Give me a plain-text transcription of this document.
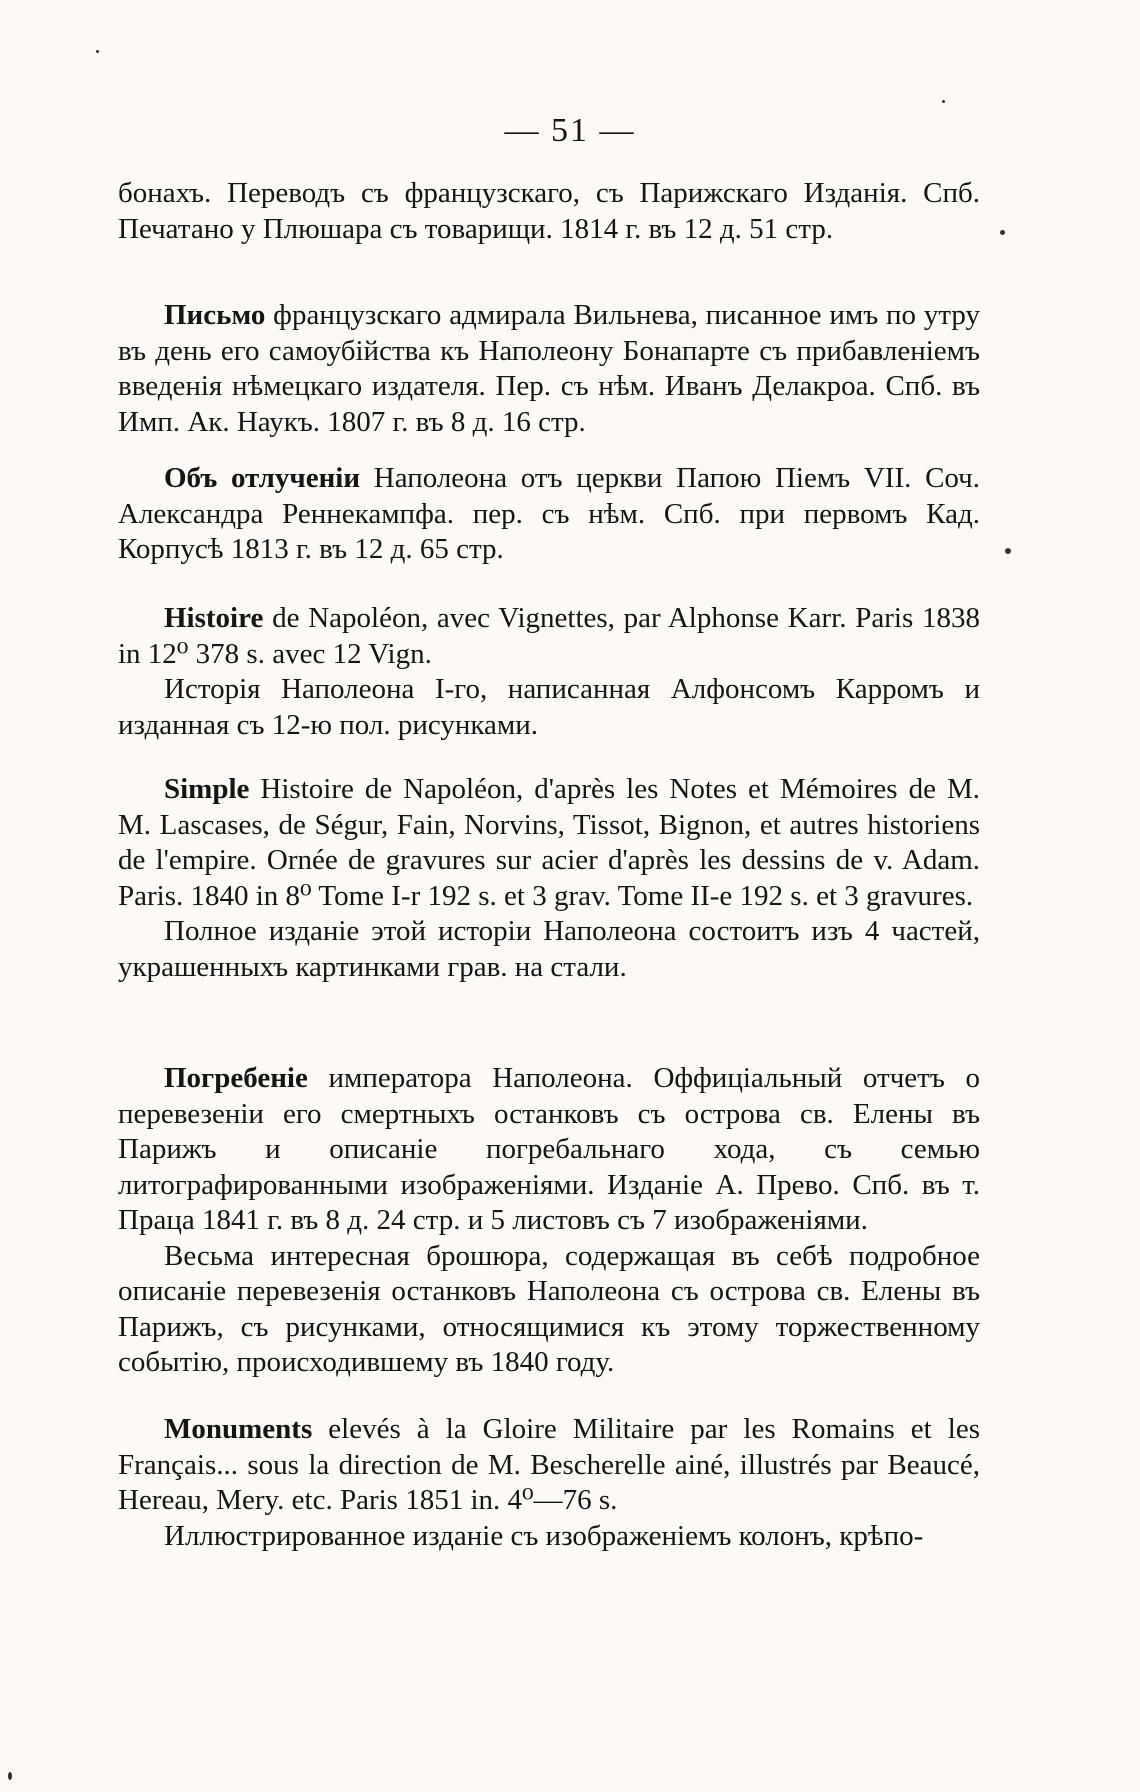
— 51 —

бонахъ. Переводъ съ французскаго, съ Парижскаго Изданія. Спб. Печатано у Плюшара съ товарищи. 1814 г. въ 12 д. 51 стр.

Письмо французскаго адмирала Вильнева, писанное имъ по утру въ день его самоубійства къ Наполеону Бонапарте съ прибавленіемъ введенія нѣмецкаго издателя. Пер. съ нѣм. Иванъ Делакроа. Спб. въ Имп. Ак. Наукъ. 1807 г. въ 8 д. 16 стр.

Объ отлученіи Наполеона отъ церкви Папою Піемъ VII. Соч. Александра Реннекампфа. пер. съ нѣм. Спб. при первомъ Кад. Корпусѣ 1813 г. въ 12 д. 65 стр.

Histoire de Napoléon, avec Vignettes, par Alphonse Karr. Paris 1838 in 12⁰ 378 s. avec 12 Vign.

Исторія Наполеона I-го, написанная Алфонсомъ Карромъ и изданная съ 12-ю пол. рисунками.

Simple Histoire de Napoléon, d'après les Notes et Mémoires de M. M. Lascases, de Ségur, Fain, Norvins, Tissot, Bignon, et autres historiens de l'empire. Ornée de gravures sur acier d'après les dessins de v. Adam. Paris. 1840 in 8⁰ Tome I-r 192 s. et 3 grav. Tome II-e 192 s. et 3 gravures.

Полное изданіе этой исторіи Наполеона состоитъ изъ 4 частей, украшенныхъ картинками грав. на стали.

Погребеніе императора Наполеона. Оффиціальный отчетъ о перевезеніи его смертныхъ останковъ съ острова св. Елены въ Парижъ и описаніе погребальнаго хода, съ семью литографированными изображеніями. Изданіе А. Прево. Спб. въ т. Праца 1841 г. въ 8 д. 24 стр. и 5 листовъ съ 7 изображеніями.

Весьма интересная брошюра, содержащая въ себѣ подробное описаніе перевезенія останковъ Наполеона съ острова св. Елены въ Парижъ, съ рисунками, относящимися къ этому торжественному событію, происходившему въ 1840 году.

Monuments elevés à la Gloire Militaire par les Romains et les Français... sous la direction de M. Bescherelle ainé, illustrés par Beaucé, Hereau, Mery. etc. Paris 1851 in. 4⁰—76 s.

Иллюстрированное изданіе съ изображеніемъ колонъ, крѣпо-
